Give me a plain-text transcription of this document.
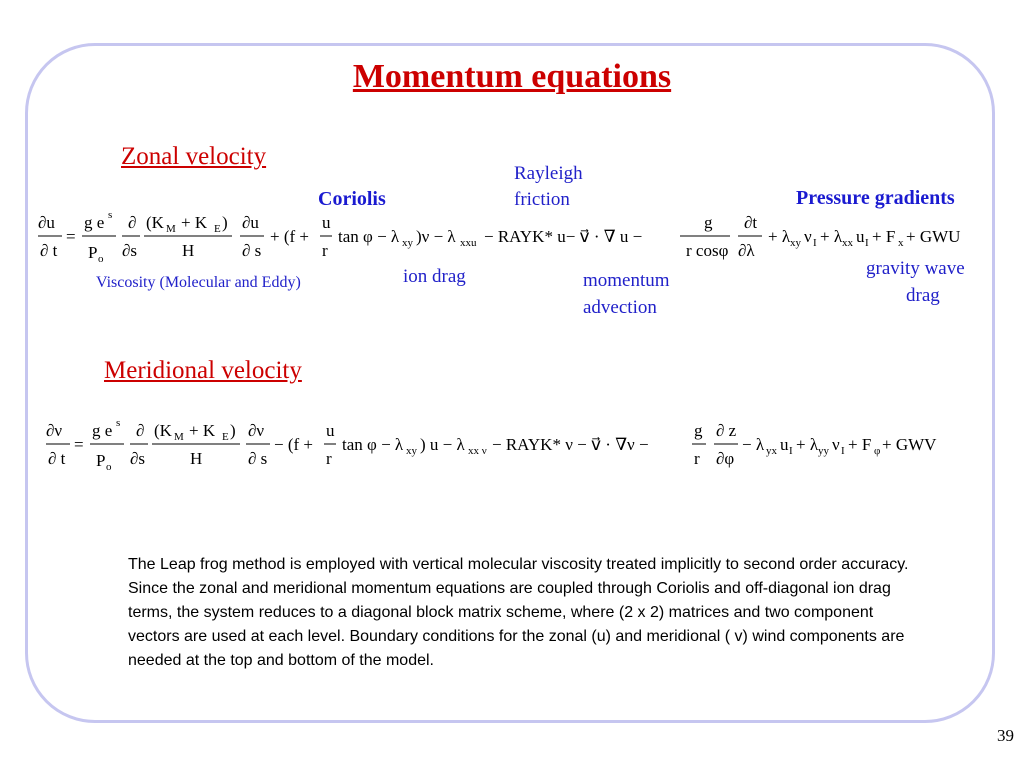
Momentum equations
Zonal velocity
Rayleigh
friction
Coriolis	Pressure gradients
∂u
∂ t
=
g e s
P o
∂
∂s
(K M + K E )
H
∂u
∂ s
+ (f +
u
r
tan φ − λ xy )ν − λ xxu − RAYK* u− v⃗ · ∇ u −
g
r cosφ
∂t
∂λ
+ λ xy ν I + λ xx u I + F x + GWU
Viscosity (Molecular and Eddy)	ion drag	momentum
advection
gravity wave
drag
Meridional velocity
∂ν
∂ t
=
g e s
P o
∂
∂s
(K M + K E )
H
∂ν
∂ s
− (f +
u
r
tan φ − λ xy ) u − λ xx ν − RAYK* ν − v⃗ · ∇ν −
g
r
∂ z
∂φ
− λ yx u I + λ yy ν I + F φ + GWV
The Leap frog method is employed with vertical molecular viscosity treated implicitly to second order accuracy. Since the zonal and meridional momentum equations are coupled through Coriolis and off-diagonal ion drag terms, the system reduces to a diagonal block matrix scheme, where (2 x 2) matrices and two component vectors are used at each level. Boundary conditions for the zonal (u) and meridional ( v) wind components are needed at the top and bottom of the model.
39
